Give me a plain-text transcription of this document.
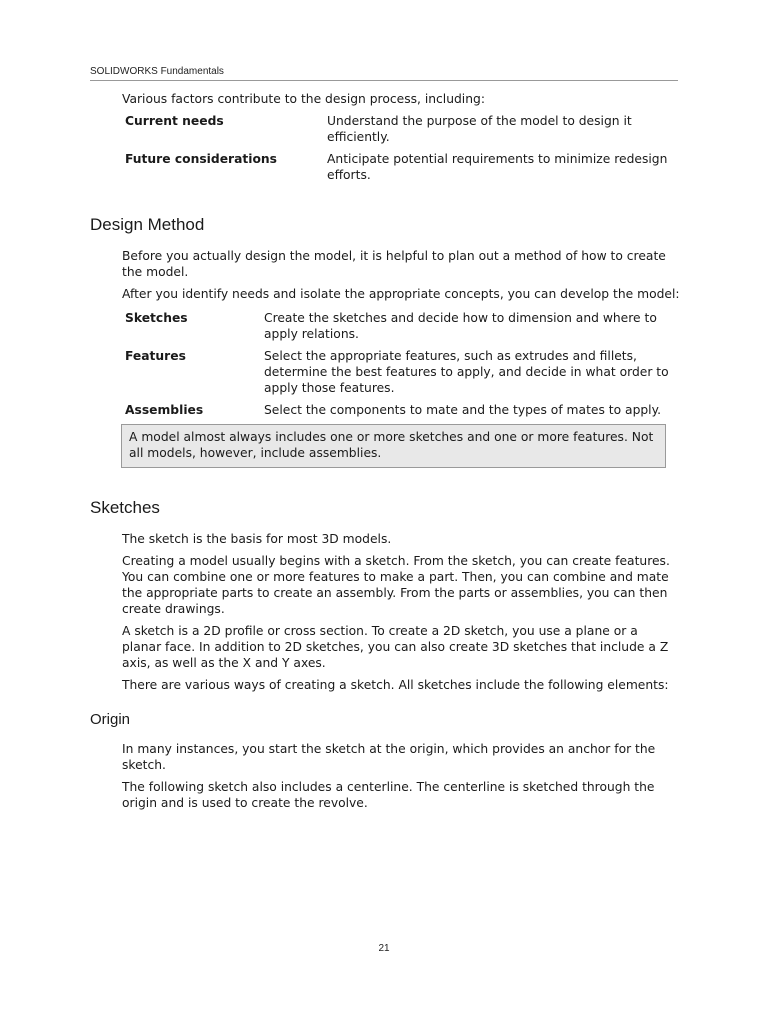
SOLIDWORKS Fundamentals

Various factors contribute to the design process, including:

Current needs	Understand the purpose of the model to design it efficiently.
Future considerations	Anticipate potential requirements to minimize redesign efforts.
Design Method

Before you actually design the model, it is helpful to plan out a method of how to create the model.

After you identify needs and isolate the appropriate concepts, you can develop the model:

Sketches	Create the sketches and decide how to dimension and where to apply relations.
Features	Select the appropriate features, such as extrudes and fillets, determine the best features to apply, and decide in what order to apply those features.
Assemblies	Select the components to mate and the types of mates to apply.
A model almost always includes one or more sketches and one or more features. Not all models, however, include assemblies.
Sketches

The sketch is the basis for most 3D models.

Creating a model usually begins with a sketch. From the sketch, you can create features. You can combine one or more features to make a part. Then, you can combine and mate the appropriate parts to create an assembly. From the parts or assemblies, you can then create drawings.

A sketch is a 2D profile or cross section. To create a 2D sketch, you use a plane or a planar face. In addition to 2D sketches, you can also create 3D sketches that include a Z axis, as well as the X and Y axes.

There are various ways of creating a sketch. All sketches include the following elements:

Origin

In many instances, you start the sketch at the origin, which provides an anchor for the sketch.

The following sketch also includes a centerline. The centerline is sketched through the origin and is used to create the revolve.

21
